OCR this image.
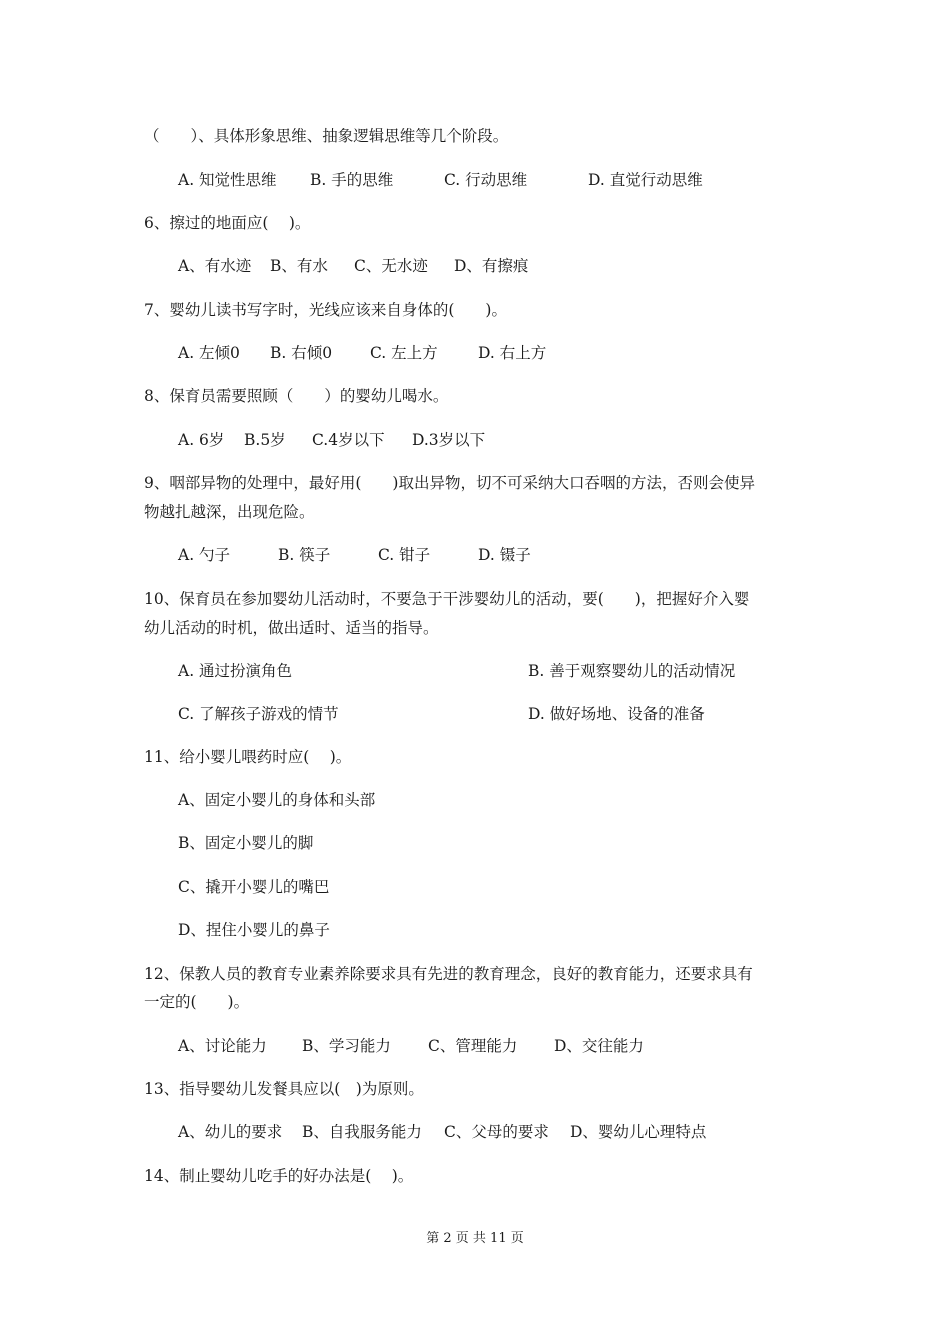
（　　）、具体形象思维、抽象逻辑思维等几个阶段。
A. 知觉性思维 B. 手的思维	C. 行动思维	D. 直觉行动思维
6、擦过的地面应(　 )。
A、有水迹 B、有水 C、无水迹 D、有擦痕
7、婴幼儿读书写字时，光线应该来自身体的(　　)。
A. 左倾0 B. 右倾0 C. 左上方	D. 右上方
8、保育员需要照顾（　　）的婴幼儿喝水。
A. 6岁 B.5岁 C.4岁以下 D.3岁以下
9、咽部异物的处理中，最好用(　　)取出异物，切不可采纳大口吞咽的方法，否则会使异
物越扎越深，出现危险。
A. 勺子	B. 筷子	C. 钳子	D. 镊子
10、保育员在参加婴幼儿活动时，不要急于干涉婴幼儿的活动，要(　　)，把握好介入婴
幼儿活动的时机，做出适时、适当的指导。
A. 通过扮演角色	B. 善于观察婴幼儿的活动情况
C. 了解孩子游戏的情节	D. 做好场地、设备的准备
11、给小婴儿喂药时应(　 )。
A、固定小婴儿的身体和头部
B、固定小婴儿的脚
C、撬开小婴儿的嘴巴
D、捏住小婴儿的鼻子
12、保教人员的教育专业素养除要求具有先进的教育理念，良好的教育能力，还要求具有
一定的(　　)。
A、讨论能力 B、学习能力 C、管理能力 D、交往能力
13、指导婴幼儿发餐具应以(　)为原则。
A、幼儿的要求 B、自我服务能力 C、父母的要求 D、婴幼儿心理特点
14、制止婴幼儿吃手的好办法是(　 )。
第 2 页 共 11 页
